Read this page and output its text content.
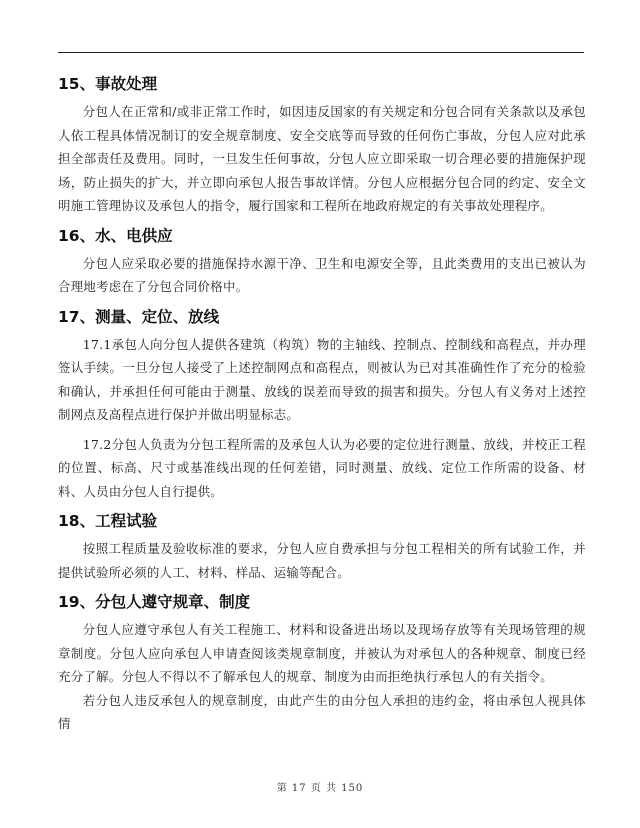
15、事故处理

分包人在正常和/或非正常工作时，如因违反国家的有关规定和分包合同有关条款以及承包人依工程具体情况制订的安全规章制度、安全交底等而导致的任何伤亡事故，分包人应对此承担全部责任及费用。同时，一旦发生任何事故，分包人应立即采取一切合理必要的措施保护现场，防止损失的扩大，并立即向承包人报告事故详情。分包人应根据分包合同的约定、安全文明施工管理协议及承包人的指令，履行国家和工程所在地政府规定的有关事故处理程序。

16、水、电供应

分包人应采取必要的措施保持水源干净、卫生和电源安全等，且此类费用的支出已被认为合理地考虑在了分包合同价格中。

17、测量、定位、放线

17.1承包人向分包人提供各建筑（构筑）物的主轴线、控制点、控制线和高程点，并办理签认手续。一旦分包人接受了上述控制网点和高程点，则被认为已对其准确性作了充分的检验和确认，并承担任何可能由于测量、放线的误差而导致的损害和损失。分包人有义务对上述控制网点及高程点进行保护并做出明显标志。

17.2分包人负责为分包工程所需的及承包人认为必要的定位进行测量、放线，并校正工程的位置、标高、尺寸或基准线出现的任何差错，同时测量、放线、定位工作所需的设备、材料、人员由分包人自行提供。

18、工程试验

按照工程质量及验收标准的要求，分包人应自费承担与分包工程相关的所有试验工作，并提供试验所必须的人工、材料、样品、运输等配合。

19、分包人遵守规章、制度

分包人应遵守承包人有关工程施工、材料和设备进出场以及现场存放等有关现场管理的规章制度。分包人应向承包人申请查阅该类规章制度，并被认为对承包人的各种规章、制度已经充分了解。分包人不得以不了解承包人的规章、制度为由而拒绝执行承包人的有关指令。

若分包人违反承包人的规章制度，由此产生的由分包人承担的违约金，将由承包人视具体情

第 17 页 共 150
